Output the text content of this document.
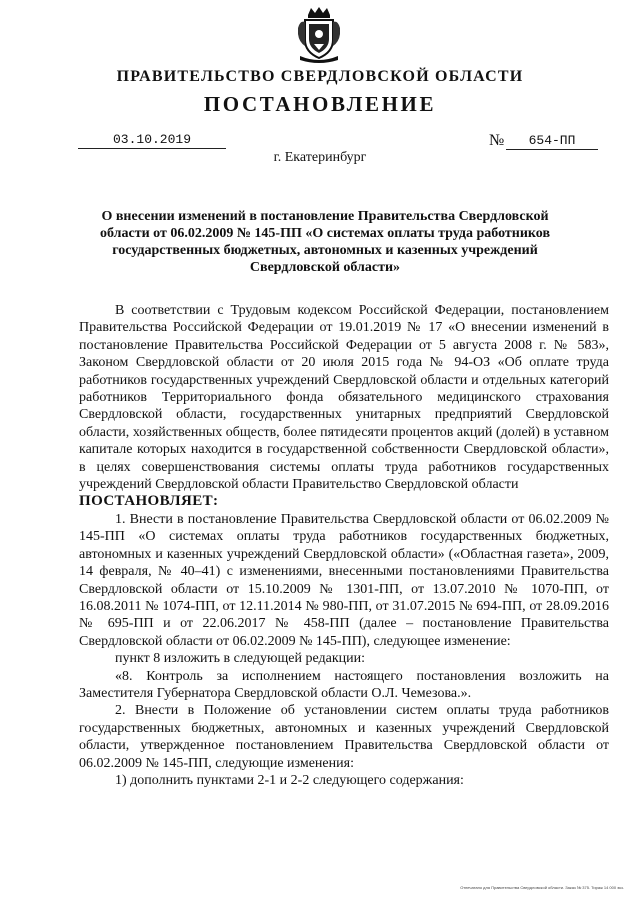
ПРАВИТЕЛЬСТВО СВЕРДЛОВСКОЙ ОБЛАСТИ
ПОСТАНОВЛЕНИЕ
03.10.2019	№	654-ПП
г. Екатеринбург
О внесении изменений в постановление Правительства Свердловской области от 06.02.2009 № 145-ПП «О системах оплаты труда работников государственных бюджетных, автономных и казенных учреждений Свердловской области»

В соответствии с Трудовым кодексом Российской Федерации, постановлением Правительства Российской Федерации от 19.01.2019 № 17 «О внесении изменений в постановление Правительства Российской Федерации от 5 августа 2008 г. № 583», Законом Свердловской области от 20 июля 2015 года № 94-ОЗ «Об оплате труда работников государственных учреждений Свердловской области и отдельных категорий работников Территориального фонда обязательного медицинского страхования Свердловской области, государственных унитарных предприятий Свердловской области, хозяйственных обществ, более пятидесяти процентов акций (долей) в уставном капитале которых находится в государственной собственности Свердловской области», в целях совершенствования системы оплаты труда работников государственных учреждений Свердловской области Правительство Свердловской области

ПОСТАНОВЛЯЕТ:

1. Внести в постановление Правительства Свердловской области от 06.02.2009 № 145-ПП «О системах оплаты труда работников государственных бюджетных, автономных и казенных учреждений Свердловской области» («Областная газета», 2009, 14 февраля, № 40–41) с изменениями, внесенными постановлениями Правительства Свердловской области от 15.10.2009 № 1301-ПП, от 13.07.2010 № 1070-ПП, от 16.08.2011 № 1074-ПП, от 12.11.2014 № 980-ПП, от 31.07.2015 № 694-ПП, от 28.09.2016 № 695-ПП и от 22.06.2017 № 458-ПП (далее – постановление Правительства Свердловской области от 06.02.2009 № 145-ПП), следующее изменение:

пункт 8 изложить в следующей редакции:

«8. Контроль за исполнением настоящего постановления возложить на Заместителя Губернатора Свердловской области О.Л. Чемезова.».

2. Внести в Положение об установлении систем оплаты труда работников государственных бюджетных, автономных и казенных учреждений Свердловской области, утвержденное постановлением Правительства Свердловской области от 06.02.2009 № 145-ПП, следующие изменения:

1) дополнить пунктами 2-1 и 2-2 следующего содержания:

Отпечатано для Правительства Свердловской области. Заказ № 375. Тираж 14 000 экз.
